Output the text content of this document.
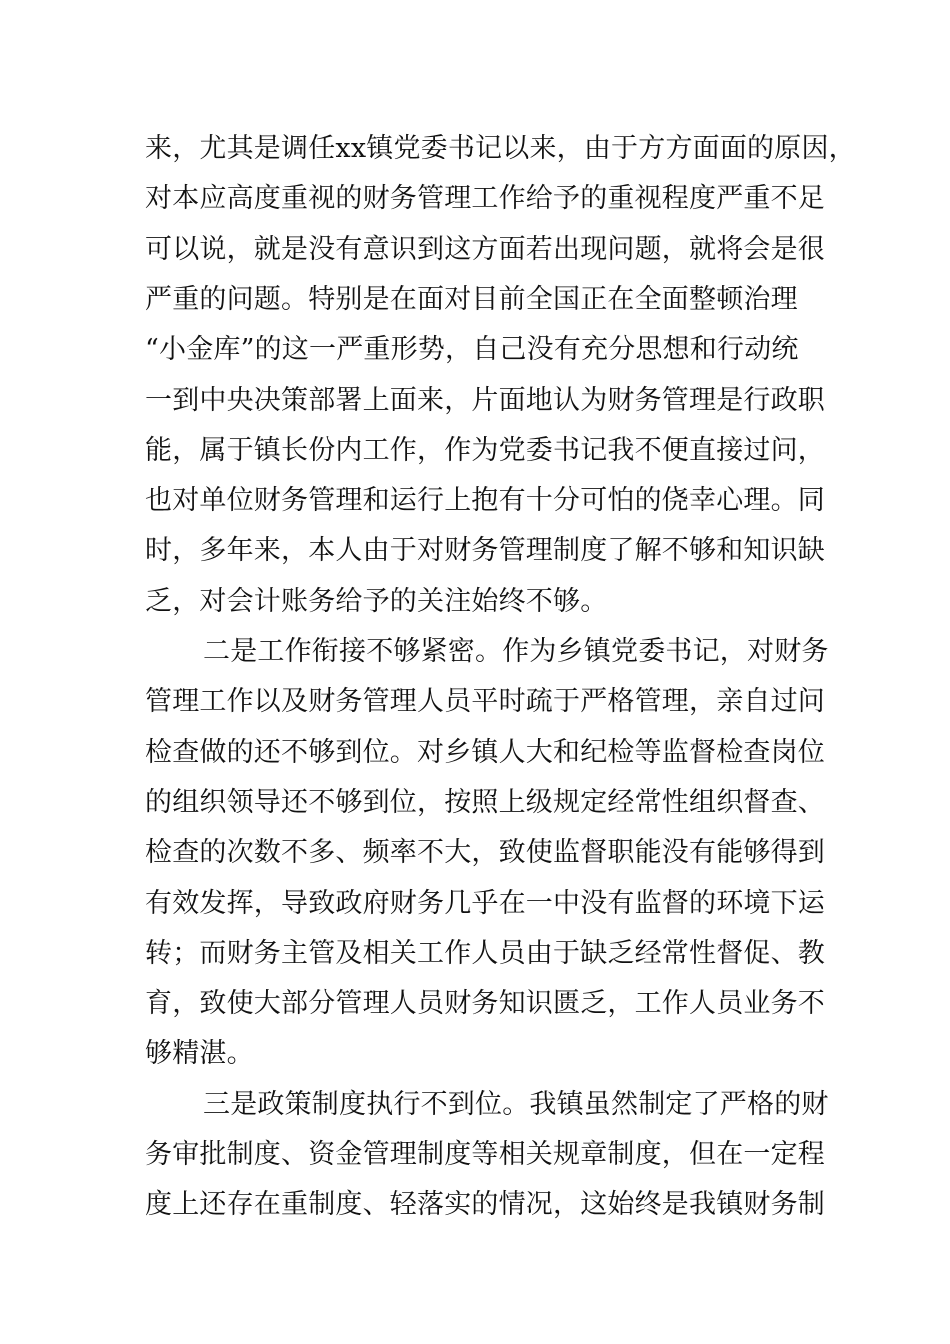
来，尤其是调任xx镇党委书记以来，由于方方面面的原因，
对本应高度重视的财务管理工作给予的重视程度严重不足
可以说，就是没有意识到这方面若出现问题，就将会是很
严重的问题。特别是在面对目前全国正在全面整顿治理
“小金库”的这一严重形势，自己没有充分思想和行动统
一到中央决策部署上面来，片面地认为财务管理是行政职
能，属于镇长份内工作，作为党委书记我不便直接过问，
也对单位财务管理和运行上抱有十分可怕的侥幸心理。同
时，多年来，本人由于对财务管理制度了解不够和知识缺
乏，对会计账务给予的关注始终不够。
二是工作衔接不够紧密。作为乡镇党委书记，对财务
管理工作以及财务管理人员平时疏于严格管理，亲自过问
检查做的还不够到位。对乡镇人大和纪检等监督检查岗位
的组织领导还不够到位，按照上级规定经常性组织督查、
检查的次数不多、频率不大，致使监督职能没有能够得到
有效发挥，导致政府财务几乎在一中没有监督的环境下运
转；而财务主管及相关工作人员由于缺乏经常性督促、教
育，致使大部分管理人员财务知识匮乏，工作人员业务不
够精湛。
三是政策制度执行不到位。我镇虽然制定了严格的财
务审批制度、资金管理制度等相关规章制度，但在一定程
度上还存在重制度、轻落实的情况，这始终是我镇财务制
